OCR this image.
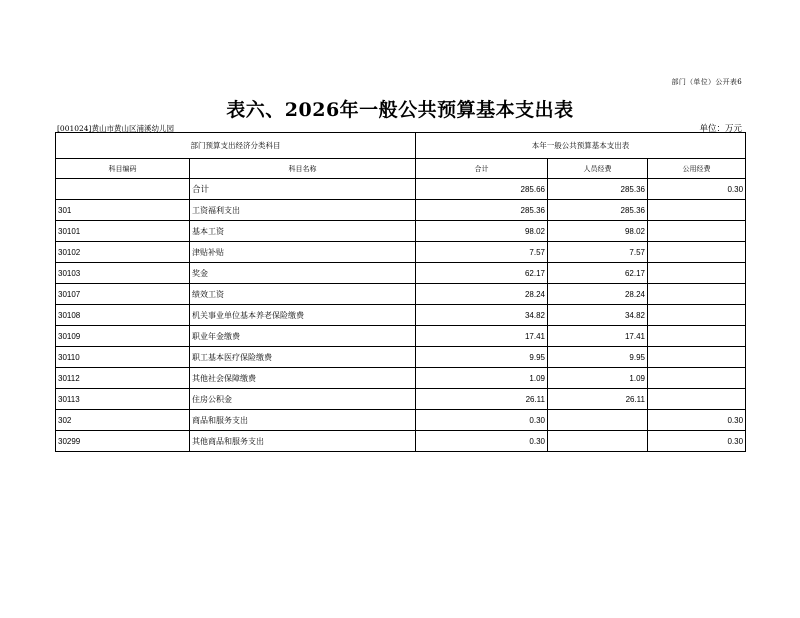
部门（单位）公开表6
表六、2026年一般公共预算基本支出表
[001024]黄山市黄山区浦溪幼儿园	单位：万元
部门预算支出经济分类科目		本年一般公共预算基本支出表		
科目编码	科目名称	合计	人员经费	公用经费
	合计	285.66	285.36	0.30
301	工资福利支出	285.36	285.36	
30101	基本工资	98.02	98.02	
30102	津贴补贴	7.57	7.57	
30103	奖金	62.17	62.17	
30107	绩效工资	28.24	28.24	
30108	机关事业单位基本养老保险缴费	34.82	34.82	
30109	职业年金缴费	17.41	17.41	
30110	职工基本医疗保险缴费	9.95	9.95	
30112	其他社会保障缴费	1.09	1.09	
30113	住房公积金	26.11	26.11	
302	商品和服务支出	0.30		0.30
30299	其他商品和服务支出	0.30		0.30
